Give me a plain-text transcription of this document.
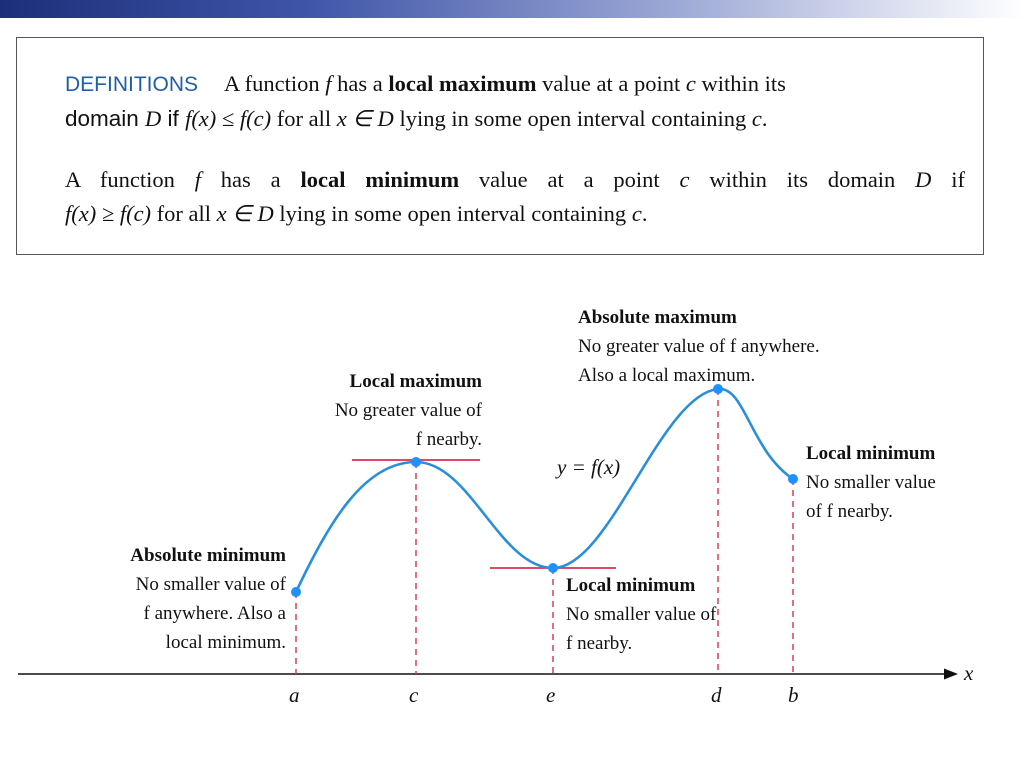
DEFINITIONS A function f has a local maximum value at a point c within its
domain D if f(x) ≤ f(c) for all x ∈ D lying in some open interval containing c.
A function f has a local minimum value at a point c within its domain D if
f(x) ≥ f(c) for all x ∈ D lying in some open interval containing c.
x
a	c	e	d	b
y = f(x)
Absolute minimum
No smaller value of
f anywhere. Also a
local minimum.
Local maximum
No greater value of
f nearby.
Local minimum
No smaller value of
f nearby.
Absolute maximum
No greater value of f anywhere.
Also a local maximum.
Local minimum
No smaller value
of f nearby.
